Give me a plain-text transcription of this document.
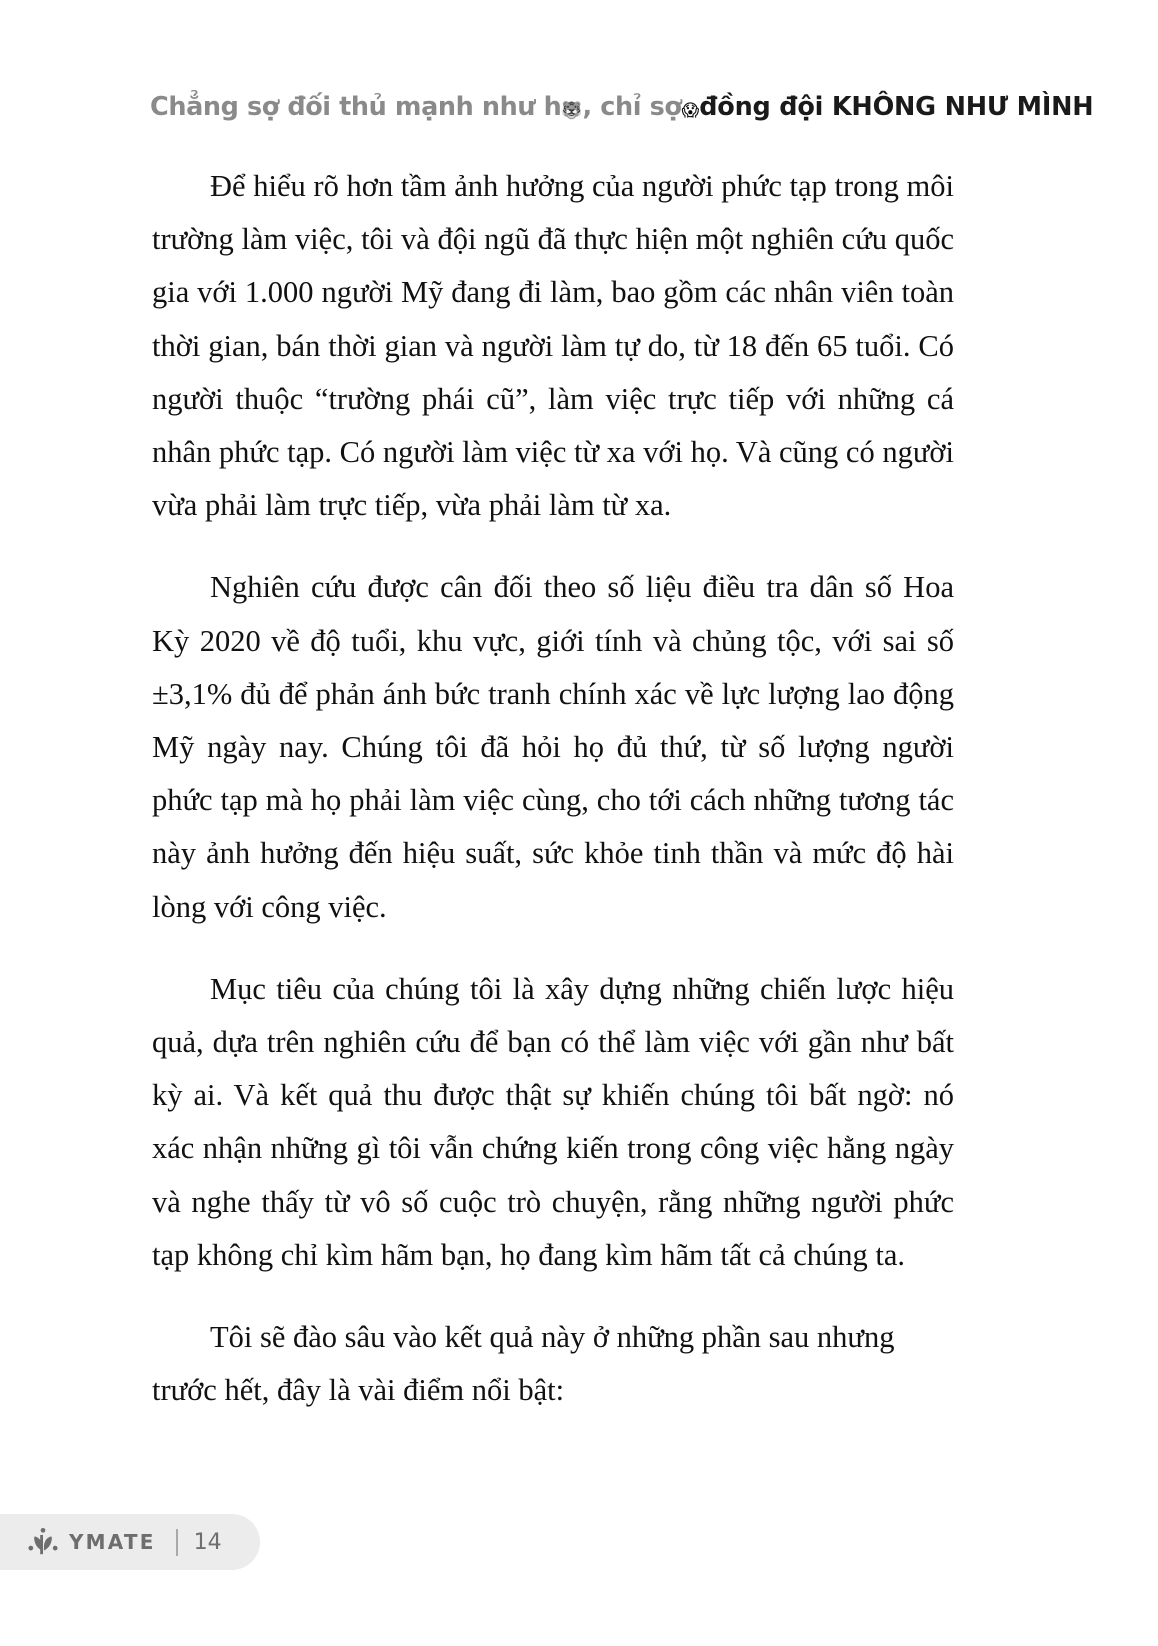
Chẳng sợ đối thủ mạnh như h 🐯 , chỉ sợ 😱 đồng đội KHÔNG NHƯ MÌNH

Để hiểu rõ hơn tầm ảnh hưởng của người phức tạp trong môi trường làm việc, tôi và đội ngũ đã thực hiện một nghiên cứu quốc gia với 1.000 người Mỹ đang đi làm, bao gồm các nhân viên toàn thời gian, bán thời gian và người làm tự do, từ 18 đến 65 tuổi. Có người thuộc “trường phái cũ”, làm việc trực tiếp với những cá nhân phức tạp. Có người làm việc từ xa với họ. Và cũng có người vừa phải làm trực tiếp, vừa phải làm từ xa.

Nghiên cứu được cân đối theo số liệu điều tra dân số Hoa Kỳ 2020 về độ tuổi, khu vực, giới tính và chủng tộc, với sai số ±3,1% đủ để phản ánh bức tranh chính xác về lực lượng lao động Mỹ ngày nay. Chúng tôi đã hỏi họ đủ thứ, từ số lượng người phức tạp mà họ phải làm việc cùng, cho tới cách những tương tác này ảnh hưởng đến hiệu suất, sức khỏe tinh thần và mức độ hài lòng với công việc.

Mục tiêu của chúng tôi là xây dựng những chiến lược hiệu quả, dựa trên nghiên cứu để bạn có thể làm việc với gần như bất kỳ ai. Và kết quả thu được thật sự khiến chúng tôi bất ngờ: nó xác nhận những gì tôi vẫn chứng kiến trong công việc hằng ngày và nghe thấy từ vô số cuộc trò chuyện, rằng những người phức tạp không chỉ kìm hãm bạn, họ đang kìm hãm tất cả chúng ta.

Tôi sẽ đào sâu vào kết quả này ở những phần sau nhưng trước hết, đây là vài điểm nổi bật:

YMATE 14
